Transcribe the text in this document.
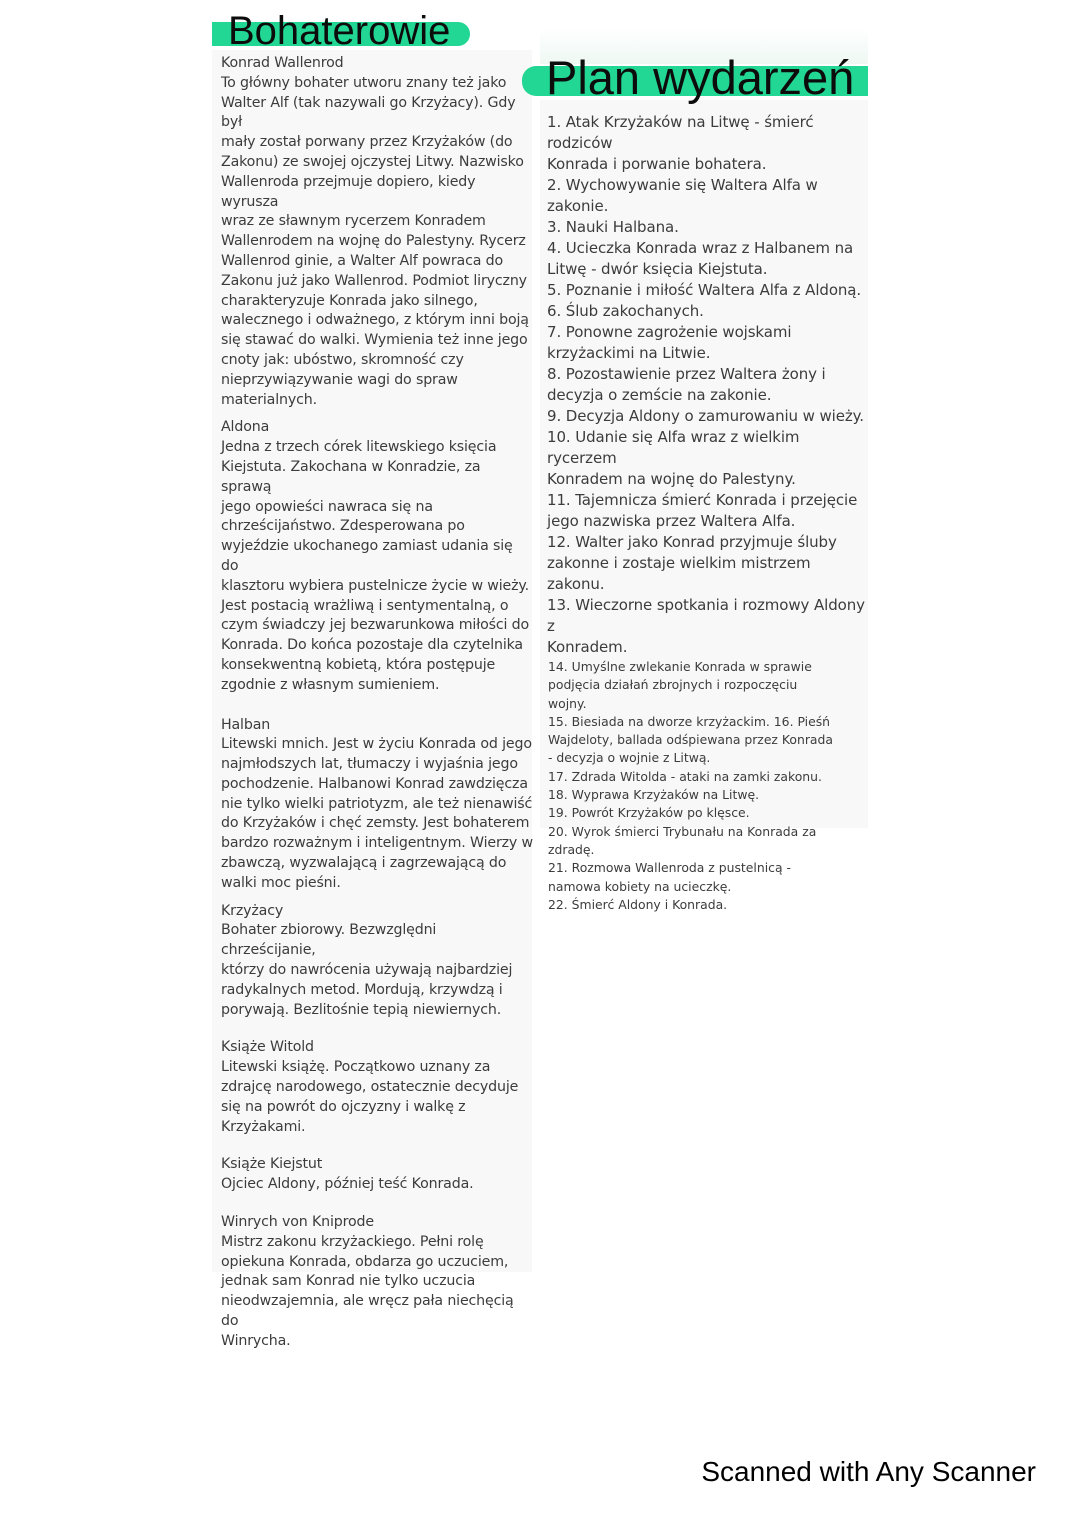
Bohaterowie
Plan wydarzeń
Konrad Wallenrod
To główny bohater utworu znany też jako
Walter Alf (tak nazywali go Krzyżacy). Gdy był
mały został porwany przez Krzyżaków (do
Zakonu) ze swojej ojczystej Litwy. Nazwisko
Wallenroda przejmuje dopiero, kiedy wyrusza
wraz ze sławnym rycerzem Konradem
Wallenrodem na wojnę do Palestyny. Rycerz
Wallenrod ginie, a Walter Alf powraca do
Zakonu już jako Wallenrod. Podmiot liryczny
charakteryzuje Konrada jako silnego,
walecznego i odważnego, z którym inni boją
się stawać do walki. Wymienia też inne jego
cnoty jak: ubóstwo, skromność czy
nieprzywiązywanie wagi do spraw
materialnych.
Aldona
Jedna z trzech córek litewskiego księcia
Kiejstuta. Zakochana w Konradzie, za sprawą
jego opowieści nawraca się na
chrześcijaństwo. Zdesperowana po
wyjeździe ukochanego zamiast udania się do
klasztoru wybiera pustelnicze życie w wieży.
Jest postacią wrażliwą i sentymentalną, o
czym świadczy jej bezwarunkowa miłości do
Konrada. Do końca pozostaje dla czytelnika
konsekwentną kobietą, która postępuje
zgodnie z własnym sumieniem.
Halban
Litewski mnich. Jest w życiu Konrada od jego
najmłodszych lat, tłumaczy i wyjaśnia jego
pochodzenie. Halbanowi Konrad zawdzięcza
nie tylko wielki patriotyzm, ale też nienawiść
do Krzyżaków i chęć zemsty. Jest bohaterem
bardzo rozważnym i inteligentnym. Wierzy w
zbawczą, wyzwalającą i zagrzewającą do
walki moc pieśni.
Krzyżacy
Bohater zbiorowy. Bezwzględni chrześcijanie,
którzy do nawrócenia używają najbardziej
radykalnych metod. Mordują, krzywdzą i
porywają. Bezlitośnie tepią niewiernych.
Książe Witold
Litewski książę. Początkowo uznany za
zdrajcę narodowego, ostatecznie decyduje
się na powrót do ojczyzny i walkę z
Krzyżakami.
Książe Kiejstut
Ojciec Aldony, później teść Konrada.
Winrych von Kniprode
Mistrz zakonu krzyżackiego. Pełni rolę
opiekuna Konrada, obdarza go uczuciem,
jednak sam Konrad nie tylko uczucia
nieodwzajemnia, ale wręcz pała niechęcią do
Winrycha.

1. Atak Krzyżaków na Litwę - śmierć rodziców
Konrada i porwanie bohatera.

2. Wychowywanie się Waltera Alfa w zakonie.

3. Nauki Halbana.

4. Ucieczka Konrada wraz z Halbanem na
Litwę - dwór księcia Kiejstuta.

5. Poznanie i miłość Waltera Alfa z Aldoną.

6. Ślub zakochanych.

7. Ponowne zagrożenie wojskami
krzyżackimi na Litwie.

8. Pozostawienie przez Waltera żony i
decyzja o zemście na zakonie.

9. Decyzja Aldony o zamurowaniu w wieży.

10. Udanie się Alfa wraz z wielkim rycerzem
Konradem na wojnę do Palestyny.

11. Tajemnicza śmierć Konrada i przejęcie
jego nazwiska przez Waltera Alfa.

12. Walter jako Konrad przyjmuje śluby
zakonne i zostaje wielkim mistrzem zakonu.

13. Wieczorne spotkania i rozmowy Aldony z
Konradem.

14. Umyślne zwlekanie Konrada w sprawie
podjęcia działań zbrojnych i rozpoczęciu
wojny.

15. Biesiada na dworze krzyżackim. 16. Pieśń
Wajdeloty, ballada odśpiewana przez Konrada
- decyzja o wojnie z Litwą.

17. Zdrada Witolda - ataki na zamki zakonu.

18. Wyprawa Krzyżaków na Litwę.

19. Powrót Krzyżaków po klęsce.

20. Wyrok śmierci Trybunału na Konrada za
zdradę.

21. Rozmowa Wallenroda z pustelnicą -
namowa kobiety na ucieczkę.

22. Śmierć Aldony i Konrada.

Scanned with Any Scanner
